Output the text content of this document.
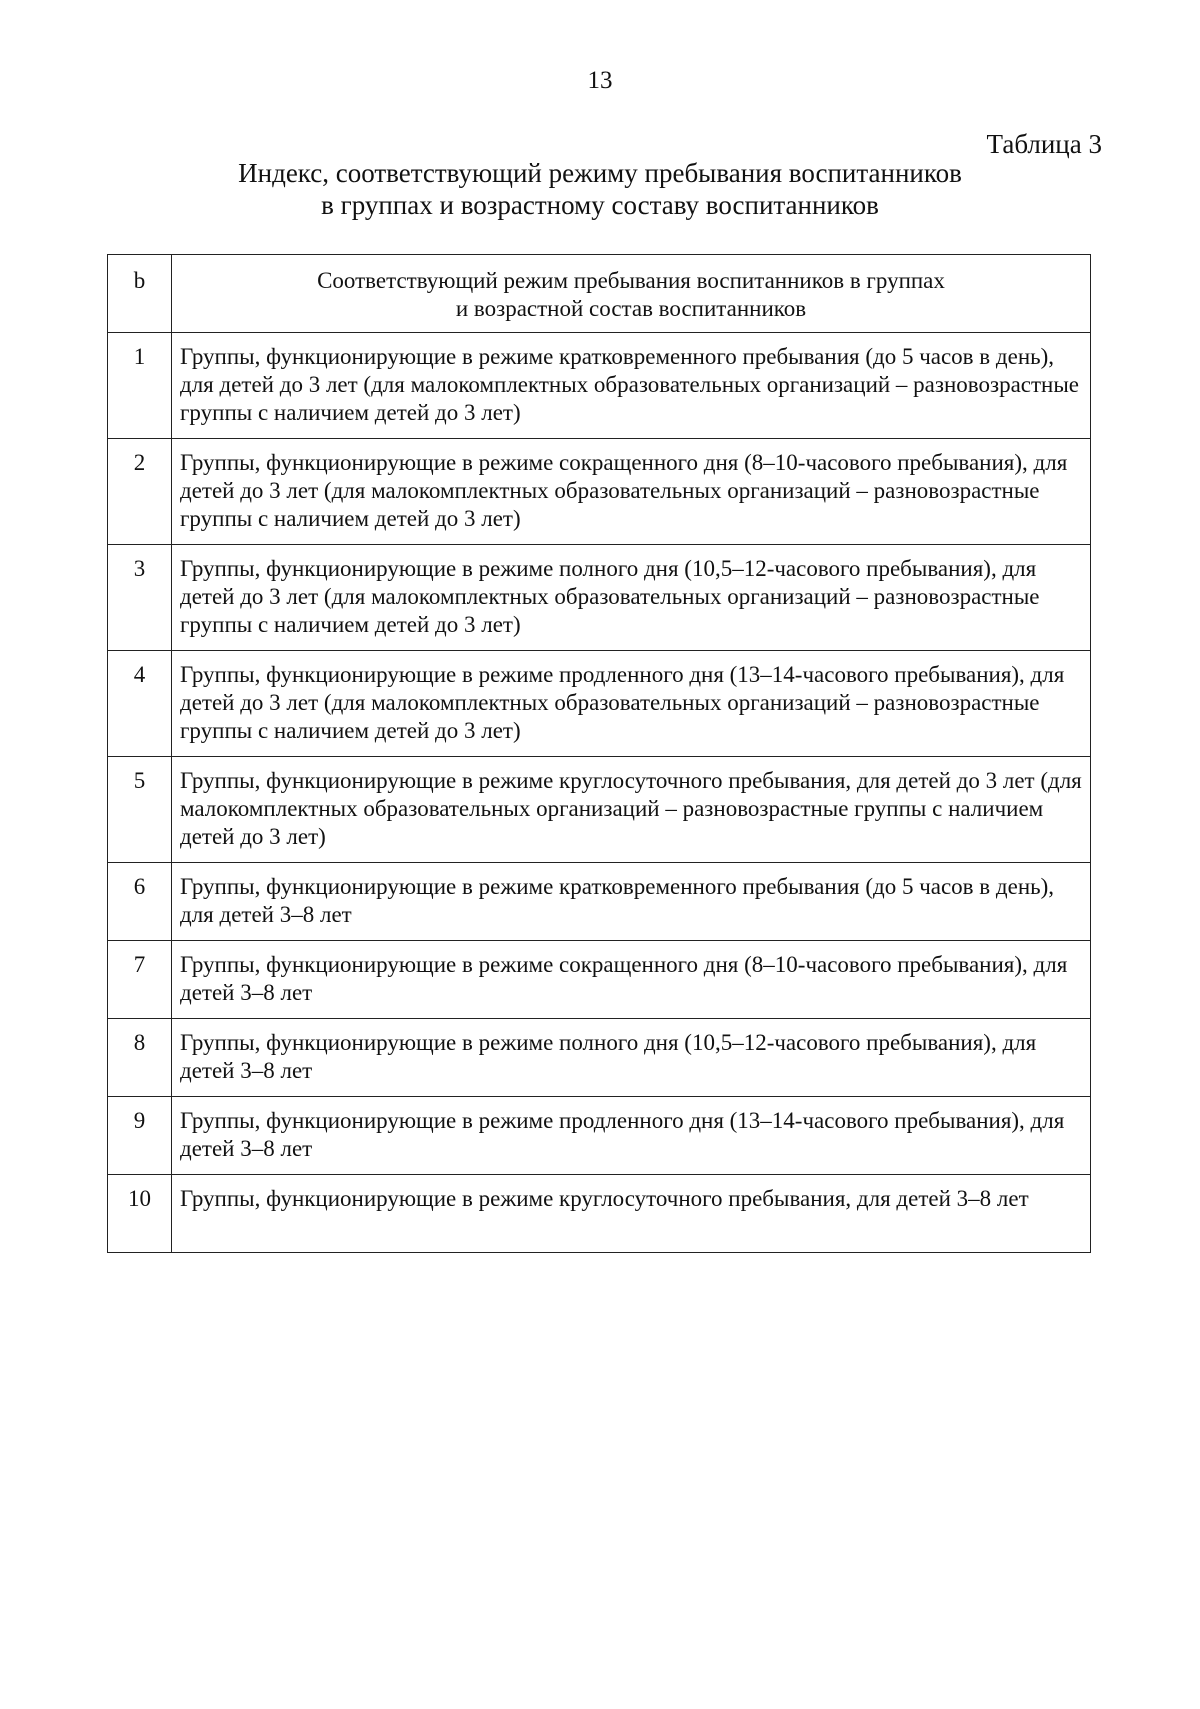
13
Таблица 3
Индекс, соответствующий режиму пребывания воспитанников
в группах и возрастному составу воспитанников
b	Соответствующий режим пребывания воспитанников в группах
и возрастной состав воспитанников

1	Группы, функционирующие в режиме кратковременного пребывания (до 5 часов в день), для детей до 3 лет (для малокомплектных образовательных организаций – разновозрастные группы с наличием детей до 3 лет)
2	Группы, функционирующие в режиме сокращенного дня (8–10-часового пребывания), для детей до 3 лет (для малокомплектных образовательных организаций – разновозрастные группы с наличием детей до 3 лет)
3	Группы, функционирующие в режиме полного дня (10,5–12-часового пребывания), для детей до 3 лет (для малокомплектных образовательных организаций – разновозрастные группы с наличием детей до 3 лет)
4	Группы, функционирующие в режиме продленного дня (13–14-часового пребывания), для детей до 3 лет (для малокомплектных образовательных организаций – разновозрастные группы с наличием детей до 3 лет)
5	Группы, функционирующие в режиме круглосуточного пребывания, для детей до 3 лет (для малокомплектных образовательных организаций – разновозрастные группы с наличием детей до 3 лет)
6	Группы, функционирующие в режиме кратковременного пребывания (до 5 часов в день), для детей 3–8 лет
7	Группы, функционирующие в режиме сокращенного дня (8–10-часового пребывания), для детей 3–8 лет
8	Группы, функционирующие в режиме полного дня (10,5–12-часового пребывания), для детей 3–8 лет
9	Группы, функционирующие в режиме продленного дня (13–14-часового пребывания), для детей 3–8 лет
10	Группы, функционирующие в режиме круглосуточного пребывания, для детей 3–8 лет
